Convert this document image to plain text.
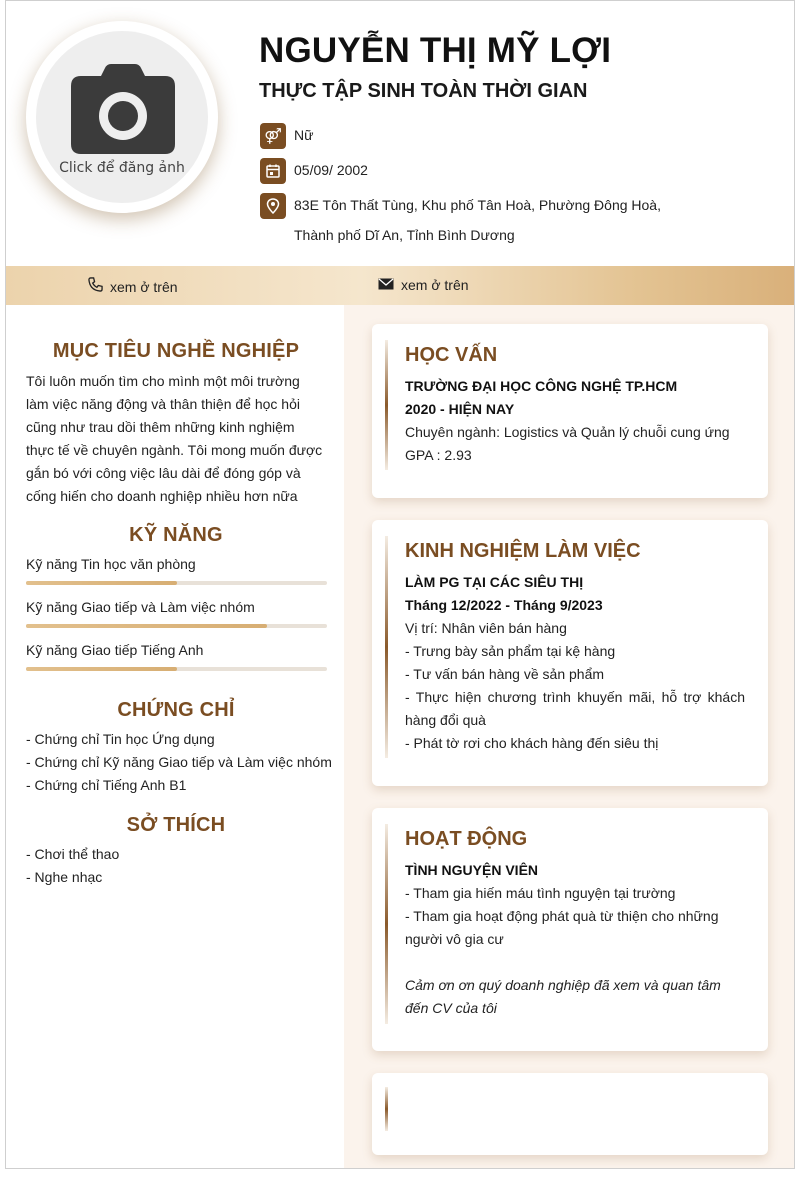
Click để đăng ảnh
NGUYỄN THỊ MỸ LỢI
THỰC TẬP SINH TOÀN THỜI GIAN
⚤ Nữ
05/09/ 2002
83E Tôn Thất Tùng, Khu phố Tân Hoà, Phường Đông Hoà, Thành phố Dĩ An, Tỉnh Bình Dương
xem ở trên	xem ở trên
MỤC TIÊU NGHỀ NGHIỆP
Tôi luôn muốn tìm cho mình một môi trường làm việc năng động và thân thiện để học hỏi cũng như trau dồi thêm những kinh nghiệm thực tế về chuyên ngành. Tôi mong muốn được gắn bó với công việc lâu dài để đóng góp và cống hiến cho doanh nghiệp nhiều hơn nữa
KỸ NĂNG
Kỹ năng Tin học văn phòng
Kỹ năng Giao tiếp và Làm việc nhóm
Kỹ năng Giao tiếp Tiếng Anh
CHỨNG CHỈ
- Chứng chỉ Tin học Ứng dụng
- Chứng chỉ Kỹ năng Giao tiếp và Làm việc nhóm
- Chứng chỉ Tiếng Anh B1
SỞ THÍCH
- Chơi thể thao
- Nghe nhạc
HỌC VẤN
TRƯỜNG ĐẠI HỌC CÔNG NGHỆ TP.HCM
2020 - HIỆN NAY
Chuyên ngành: Logistics và Quản lý chuỗi cung ứng
GPA : 2.93
KINH NGHIỆM LÀM VIỆC
LÀM PG TẠI CÁC SIÊU THỊ
Tháng 12/2022 - Tháng 9/2023
Vị trí: Nhân viên bán hàng
- Trưng bày sản phẩm tại kệ hàng
- Tư vấn bán hàng về sản phẩm
- Thực hiện chương trình khuyến mãi, hỗ trợ khách hàng đổi quà
- Phát tờ rơi cho khách hàng đến siêu thị
HOẠT ĐỘNG
TÌNH NGUYỆN VIÊN
- Tham gia hiến máu tình nguyện tại trường
- Tham gia hoạt động phát quà từ thiện cho những người vô gia cư
Cảm ơn ơn quý doanh nghiệp đã xem và quan tâm đến CV của tôi
